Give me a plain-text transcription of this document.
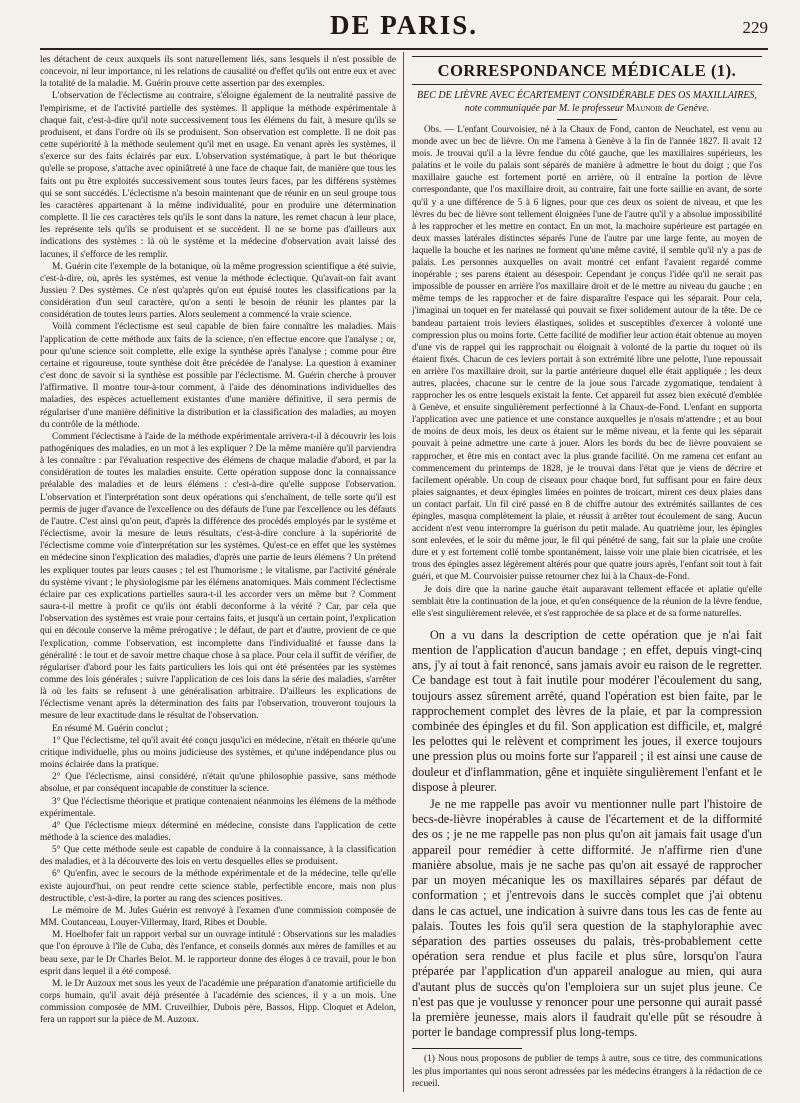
DE PARIS.	229

les détachent de ceux auxquels ils sont naturellement liés, sans lesquels il n'est possible de concevoir, ni leur importance, ni les relations de causalité ou d'effet qu'ils ont entre eux et avec la totalité de la maladie. M. Guérin prouve cette assertion par des exemples.

L'observation de l'éclectisme au contraire, s'éloigne également de la neutralité passive de l'empirisme, et de l'activité partielle des systèmes. Il applique la méthode expérimentale à chaque fait, c'est-à-dire qu'il note successivement tous les élémens du fait, à mesure qu'ils se produisent, et dans l'ordre où ils se produisent. Son observation est complette. Il ne doit pas cette supériorité à la méthode seulement qu'il met en usage. En venant après les systèmes, il s'exerce sur des faits éclairés par eux. L'observation systématique, à part le but théorique qu'elle se propose, s'attache avec opiniâtreté à une face de chaque fait, de manière que tous les faits ont pu être exploités successivement sous toutes leurs faces, par les différens systèmes qui se sont succédés. L'éclectisme n'a besoin maintenant que de réunir en un seul groupe tous les caractères appartenant à la même individualité, pour en produire une détermination complette. Il lie ces caractères tels qu'ils le sont dans la nature, les remet chacun à leur place, les représente tels qu'ils se produisent et se succèdent. Il ne se borne pas d'ailleurs aux indications des systèmes : là où le système et la médecine d'observation avait laissé des lacunes, il s'efforce de les remplir.

M. Guérin cite l'exemple de la botanique, où la même progression scientifique a été suivie, c'est-à-dire, où, après les systèmes, est venue la méthode éclectique. Qu'avait-on fait avant Jussieu ? Des systèmes. Ce n'est qu'après qu'on eut épuisé toutes les classifications par la considération d'un seul caractère, qu'on a senti le besoin de réunir les plantes par la considération de toutes leurs parties. Alors seulement a commencé la vraie science.

Voilà comment l'éclectisme est seul capable de bien faire connaître les maladies. Mais l'application de cette méthode aux faits de la science, n'en effectue encore que l'analyse ; or, pour qu'une science soit complette, elle exige la synthèse après l'analyse ; comme pour être certaine et rigoureuse, toute synthèse doit être précédée de l'analyse. La question à examiner c'est donc de savoir si la synthèse est possible par l'éclectisme. M. Guérin cherche à prouver l'affirmative. Il montre tour-à-tour comment, à l'aide des dénominations individuelles des maladies, des espèces actuellement existantes d'une manière définitive, il sera permis de régulariser d'une manière définitive la distribution et la classification des maladies, au moyen du contrôle de la méthode.

Comment l'éclectisme à l'aide de la méthode expérimentale arrivera-t-il à découvrir les lois pathogéniques des maladies, en un mot à les expliquer ? De la même manière qu'il parviendra à les connaître : par l'évaluation respective des élémens de chaque maladie d'abord, et par la considération de toutes les maladies ensuite. Cette opération suppose donc la connaissance préalable des maladies et de leurs élémens : c'est-à-dire qu'elle suppose l'observation. L'observation et l'interprétation sont deux opérations qui s'enchaînent, de telle sorte qu'il est permis de juger d'avance de l'excellence ou des défauts de l'une par l'excellence ou les défauts de l'autre. C'est ainsi qu'on peut, d'après la différence des procédés employés par le système et l'éclectisme, avoir la mesure de leurs résultats, c'est-à-dire conclure à la supériorité de l'éclectisme comme voie d'interprétation sur les systèmes. Qu'est-ce en effet que les systèmes en médecine sinon l'explication des maladies, d'après une partie de leurs élémens ? Un prétend les expliquer toutes par leurs causes ; tel est l'humorisme ; le vitalisme, par l'activité générale du système vivant ; le physiologisme par les élémens anatomiques. Mais comment l'éclectisme éclaire par ces explications partielles saura-t-il les accorder vers un même but ? Comment saura-t-il mettre à profit ce qu'ils ont établi deconforme à la vérité ? Car, par cela que l'observation des systèmes est vraie pour certains faits, et jusqu'à un certain point, l'explication qui en découle conserve la même prérogative ; le défaut, de part et d'autre, provient de ce que l'explication, comme l'observation, est incomplette dans l'individualité et fausse dans la généralité : le tout et de savoir mettre chaque chose à sa place. Pour cela il suffit de vérifier, de régulariser d'abord pour les faits particuliers les lois qui ont été présentées par les systèmes comme des lois générales ; suivre l'application de ces lois dans la série des maladies, s'arrêter là où les faits se refusent à une généralisation arbitraire. D'ailleurs les explications de l'éclectisme venant après la détermination des faits par l'observation, trouveront toujours la mesure de leur exactitude dans le résultat de l'observation.

En résumé M. Guérin conclut ;

1° Que l'éclectisme, tel qu'il avait été conçu jusqu'ici en médecine, n'était en théorie qu'une critique individuelle, plus ou moins judicieuse des systèmes, et qu'une indépendance plus ou moins éclairée dans la pratique.

2° Que l'éclectisme, ainsi considéré, n'était qu'une philosophie passive, sans méthode absolue, et par conséquent incapable de constituer la science.

3° Que l'éclectisme théorique et pratique contenaient néanmoins les élémens de la méthode expérimentale.

4° Que l'éclectisme mieux déterminé en médecine, consiste dans l'application de cette méthode à la science des maladies.

5° Que cette méthode seule est capable de conduire à la connaissance, à la classification des maladies, et à la découverte des lois en vertu desquelles elles se produisent.

6° Qu'enfin, avec le secours de la méthode expérimentale et de la médecine, telle qu'elle existe aujourd'hui, on peut rendre cette science stable, perfectible encore, mais non plus destructible, c'est-à-dire, la porter au rang des sciences positives.

Le mémoire de M. Jules Guérin est renvoyé à l'examen d'une commission composée de MM. Coutanceau, Louyer-Villermay, Itard, Ribes et Double.

M. Hoelhofer fait un rapport verbal sur un ouvrage intitulé : Observations sur les maladies que l'on éprouve à l'île de Cuba, dès l'enfance, et conseils donnés aux mères de familles et au beau sexe, par le Dr Charles Belot. M. le rapporteur donne des éloges à ce travail, pour le bon esprit dans lequel il a été composé.

M. le Dr Auzoux met sous les yeux de l'académie une préparation d'anatomie artificielle du corps humain, qu'il avait déjà présentée à l'académie des sciences, il y a un mois. Une commission composée de MM. Cruveilhier, Dubois père, Bassos, Hipp. Cloquet et Adelon, fera un rapport sur la pièce de M. Auzoux.

CORRESPONDANCE MÉDICALE (1).
BEC DE LIÈVRE AVEC ÉCARTEMENT CONSIDÉRABLE DES OS MAXILLAIRES,
note communiquée par M. le professeur Maunoir de Genève.

Obs. — L'enfant Courvoisier, né à la Chaux de Fond, canton de Neuchatel, est venu au monde avec un bec de lièvre. On me l'amena à Genève à la fin de l'année 1827. Il avait 12 mois. Je trouvai qu'il a la lèvre fendue du côté gauche, que les maxillaires supérieurs, les palatins et le voile du palais sont séparés de manière à admettre le bout du doigt ; que l'os maxillaire gauche est fortement porté en arrière, où il entraîne la portion de lèvre correspondante, que l'os maxillaire droit, au contraire, fait une forte saillie en avant, de sorte qu'il y a une différence de 5 à 6 lignes, pour que ces deux os soient de niveau, et que les lèvres du bec de lièvre sont tellement éloignées l'une de l'autre qu'il y a absolue impossibilité à les rapprocher et les mettre en contact. En un mot, la machoire supérieure est partagée en deux masses latérales distinctes séparés l'une de l'autre par une large fente, au moyen de laquelle la bouche et les narines ne forment qu'une même cavité, il semble qu'il n'y a pas de palais. Les personnes auxquelles on avait montré cet enfant l'avaient regardé comme inopérable ; ses parens étaient au désespoir. Cependant je conçus l'idée qu'il ne serait pas impossible de pousser en arrière l'os maxillaire droit et de le mettre au niveau du gauche ; en même temps de les rapprocher et de faire disparaître l'espace qui les séparait. Pour cela, j'imaginai un toquet en fer matelassé qui pouvait se fixer solidement autour de la tête. De ce bandeau partaient trois leviers élastiques, solides et susceptibles d'exercer à volonté une compression plus ou moins forte. Cette facilité de modifier leur action était obtenue au moyen d'une vis de rappel qui les rapprochait ou éloignait à volonté de la partie du toquet où ils étaient fixés. Chacun de ces leviers portait à son extrémité libre une pelotte, l'une repoussait en arrière l'os maxillaire droit, sur la partie antérieure duquel elle était appliquée ; les deux autres, placées, chacune sur le centre de la joue sous l'arcade zygomatique, tendaient à rapprocher les os entre lesquels existait la fente. Cet appareil fut assez bien exécuté d'emblée à Genève, et ensuite singulièrement perfectionné à la Chaux-de-Fond. L'enfant en supporta l'application avec une patience et une constance auxquelles je n'osais m'attendre ; et au bout de moins de deux mois, les deux os étaient sur le même niveau, et la fente qui les séparait pouvait à peine admettre une carte à jouer. Alors les bords du bec de lièvre pouvaient se rapprocher, et être mis en contact avec la plus grande facilité. On me ramena cet enfant au commencement du printemps de 1828, je le trouvai dans l'état que je viens de décrire et facilement opérable. Un coup de ciseaux pour chaque bord, fut suffisant pour en faire deux plaies saignantes, et deux épingles limées en pointes de troicart, mirent ces deux plaies dans un contact parfait. Un fil ciré passé en 8 de chiffre autour des extrémités saillantes de ces épingles, masqua complètement la plaie, et réussit à arrêter tout écoulement de sang. Aucun accident n'est venu interrompre la guérison du petit malade. Au quatrième jour, les épingles sont enlevées, et le soir du même jour, le fil qui pénétré de sang, fait sur la plaie une croûte dure et y est fortement collé tombe spontanément, laisse voir une plaie bien cicatrisée, et les trous des épingles assez légèrement altérés pour que quatre jours après, l'enfant soit tout à fait guéri, et que M. Courvoisier puisse retourner chez lui à la Chaux-de-Fond.

Je dois dire que la narine gauche était auparavant tellement effacée et aplatie qu'elle semblait être la continuation de la joue, et qu'en conséquence de la réunion de la lèvre fendue, elle s'est singulièrement relevée, et s'est rapprochée de sa place et de sa forme naturelles.

On a vu dans la description de cette opération que je n'ai fait mention de l'application d'aucun bandage ; en effet, depuis vingt-cinq ans, j'y ai tout à fait renoncé, sans jamais avoir eu raison de le regretter. Ce bandage est tout à fait inutile pour modérer l'écoulement du sang, toujours assez sûrement arrêté, quand l'opération est bien faite, par le rapprochement complet des lèvres de la plaie, et par la compression combinée des épingles et du fil. Son application est difficile, et, malgré les pelottes qui le relèvent et compriment les joues, il exerce toujours une pression plus ou moins forte sur l'appareil ; il est ainsi une cause de douleur et d'inflammation, gêne et inquiète singulièrement l'enfant et le dispose à pleurer.

Je ne me rappelle pas avoir vu mentionner nulle part l'histoire de becs-de-lièvre inopérables à cause de l'écartement et de la difformité des os ; je ne me rappelle pas non plus qu'on ait jamais fait usage d'un appareil pour remédier à cette difformité. Je n'affirme rien d'une manière absolue, mais je ne sache pas qu'on ait essayé de rapprocher par un moyen mécanique les os maxillaires séparés par défaut de conformation ; et j'entrevois dans le succès complet que j'ai obtenu dans le cas actuel, une indication à suivre dans tous les cas de fente au palais. Toutes les fois qu'il sera question de la staphyloraphie avec séparation des parties osseuses du palais, très-probablement cette opération sera rendue et plus facile et plus sûre, lorsqu'on l'aura préparée par l'application d'un appareil analogue au mien, qui aura d'autant plus de succès qu'on l'emploiera sur un sujet plus jeune. Ce n'est pas que je voulusse y renoncer pour une personne qui aurait passé la première jeunesse, mais alors il faudrait qu'elle pût se résoudre à porter le bandage compressif plus long-temps.

(1) Nous nous proposons de publier de temps à autre, sous ce titre, des communications les plus importantes qui nous seront adressées par les médecins étrangers à la rédaction de ce recueil.
